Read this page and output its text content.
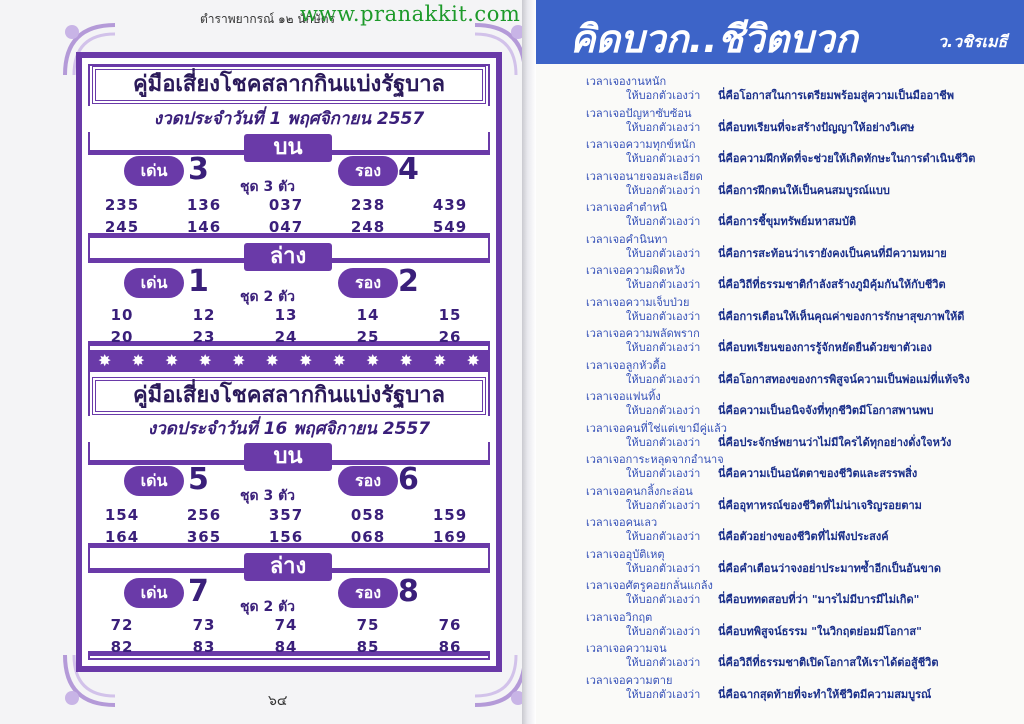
ตำราพยากรณ์ ๑๒ นักษัตร
คู่มือเสี่ยงโชคสลากกินแบ่งรัฐบาล
งวดประจำวันที่ 1 พฤศจิกายน 2557
บน
เด่น 3 ชุด 3 ตัว
รอง 4
235	136	037	238	439
245	146	047	248	549
ล่าง
เด่น 1 ชุด 2 ตัว
รอง 2
10	12	13	14	15
20	23	24	25	26
✸ ✸ ✸ ✸ ✸ ✸ ✸ ✸ ✸ ✸ ✸ ✸
คู่มือเสี่ยงโชคสลากกินแบ่งรัฐบาล
งวดประจำวันที่ 16 พฤศจิกายน 2557
บน
เด่น 5 ชุด 3 ตัว
รอง 6
154	256	357	058	159
164	365	156	068	169
ล่าง
เด่น 7 ชุด 2 ตัว
รอง 8
72	73	74	75	76
82	83	84	85	86
๖๔
คิดบวก..ชีวิตบวก	ว.วชิรเมธี
เวลาเจองานหนัก
ให้บอกตัวเองว่า นี่คือโอกาสในการเตรียมพร้อมสู่ความเป็นมืออาชีพ
เวลาเจอปัญหาซับซ้อน
ให้บอกตัวเองว่า นี่คือบทเรียนที่จะสร้างปัญญาให้อย่างวิเศษ
เวลาเจอความทุกข์หนัก
ให้บอกตัวเองว่า นี่คือความฝึกหัดที่จะช่วยให้เกิดทักษะในการดำเนินชีวิต
เวลาเจอนายจอมละเอียด
ให้บอกตัวเองว่า นี่คือการฝึกตนให้เป็นคนสมบูรณ์แบบ
เวลาเจอคำตำหนิ
ให้บอกตัวเองว่า นี่คือการชี้ขุมทรัพย์มหาสมบัติ
เวลาเจอคำนินทา
ให้บอกตัวเองว่า นี่คือการสะท้อนว่าเรายังคงเป็นคนที่มีความหมาย
เวลาเจอความผิดหวัง
ให้บอกตัวเองว่า นี่คือวิถีที่ธรรมชาติกำลังสร้างภูมิคุ้มกันให้กับชีวิต
เวลาเจอความเจ็บป่วย
ให้บอกตัวเองว่า นี่คือการเตือนให้เห็นคุณค่าของการรักษาสุขภาพให้ดี
เวลาเจอความพลัดพราก
ให้บอกตัวเองว่า นี่คือบทเรียนของการรู้จักหยัดยืนด้วยขาตัวเอง
เวลาเจอลูกหัวดื้อ
ให้บอกตัวเองว่า นี่คือโอกาสทองของการพิสูจน์ความเป็นพ่อแม่ที่แท้จริง
เวลาเจอแฟนทิ้ง
ให้บอกตัวเองว่า นี่คือความเป็นอนิจจังที่ทุกชีวิตมีโอกาสพานพบ
เวลาเจอคนที่ใช่แต่เขามีคู่แล้ว
ให้บอกตัวเองว่า นี่คือประจักษ์พยานว่าไม่มีใครได้ทุกอย่างดั่งใจหวัง
เวลาเจอการะหลุดจากอำนาจ
ให้บอกตัวเองว่า นี่คือความเป็นอนัตตาของชีวิตและสรรพสิ่ง
เวลาเจอคนกลิ้งกะล่อน
ให้บอกตัวเองว่า นี่คืออุทาหรณ์ของชีวิตที่ไม่น่าเจริญรอยตาม
เวลาเจอคนเลว
ให้บอกตัวเองว่า นี่คือตัวอย่างของชีวิตที่ไม่พึงประสงค์
เวลาเจออุบัติเหตุ
ให้บอกตัวเองว่า นี่คือคำเตือนว่าจงอย่าประมาทซ้ำอีกเป็นอันขาด
เวลาเจอศัตรูคอยกลั่นแกล้ง
ให้บอกตัวเองว่า นี่คือบททดสอบที่ว่า "มารไม่มีบารมีไม่เกิด"
เวลาเจอวิกฤต
ให้บอกตัวเองว่า นี่คือบทพิสูจน์ธรรม "ในวิกฤตย่อมมีโอกาส"
เวลาเจอความจน
ให้บอกตัวเองว่า นี่คือวิถีที่ธรรมชาติเปิดโอกาสให้เราได้ต่อสู้ชีวิต
เวลาเจอความตาย
ให้บอกตัวเองว่า นี่คือฉากสุดท้ายที่จะทำให้ชีวิตมีความสมบูรณ์
www.pranakkit.com
